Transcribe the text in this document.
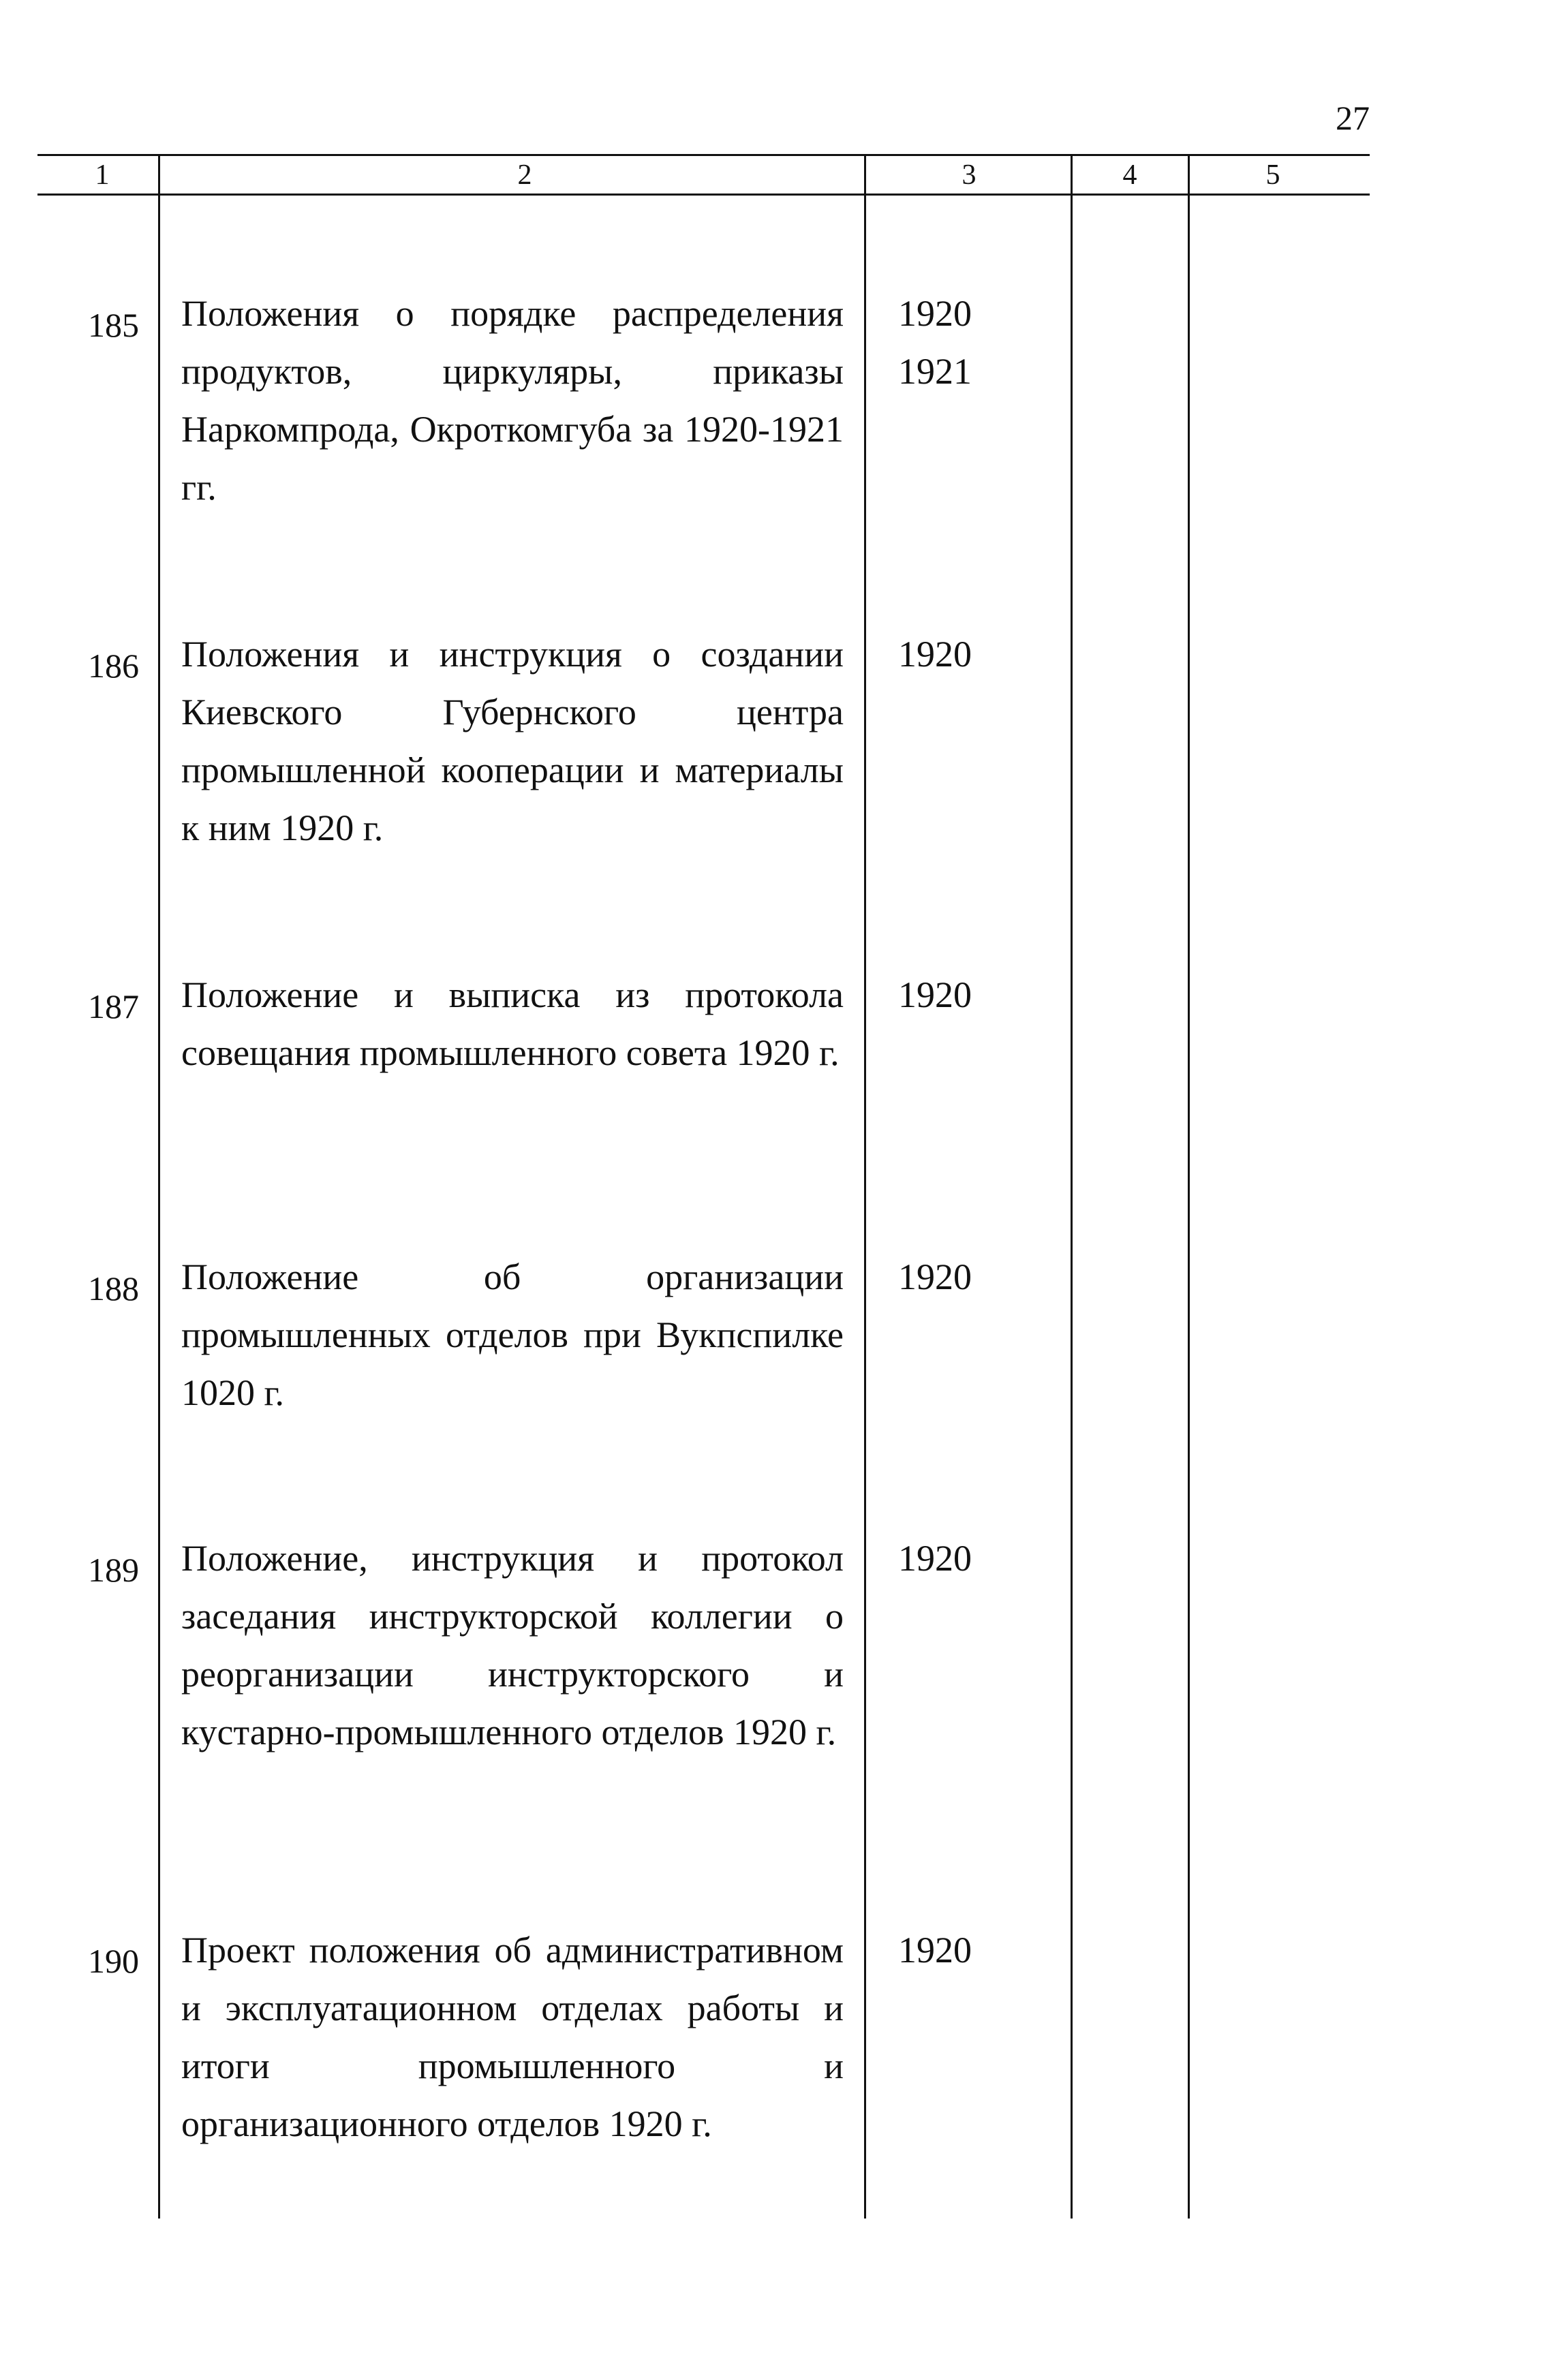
27
1	2	3	4	5
185 Положения о порядке распределения продуктов, циркуляры, приказы Наркомпрода, Окроткомгуба за 1920-1921 гг.
1920
1921
186 Положения и инструкция о создании Киевского Губернского центра промышленной кооперации и материалы к ним 1920 г.
1920
187 Положение и выписка из протокола совещания промышленного совета 1920 г.
1920
188 Положение об организации промышленных отделов при Вукпспилке 1020 г.
1920
189 Положение, инструкция и протокол заседания инструкторской коллегии о реорганизации инструкторского и кустарно-промышленного отделов 1920 г.
1920
190 Проект положения об административном и эксплуатационном отделах работы и итоги промышленного и организационного отделов 1920 г.
1920
